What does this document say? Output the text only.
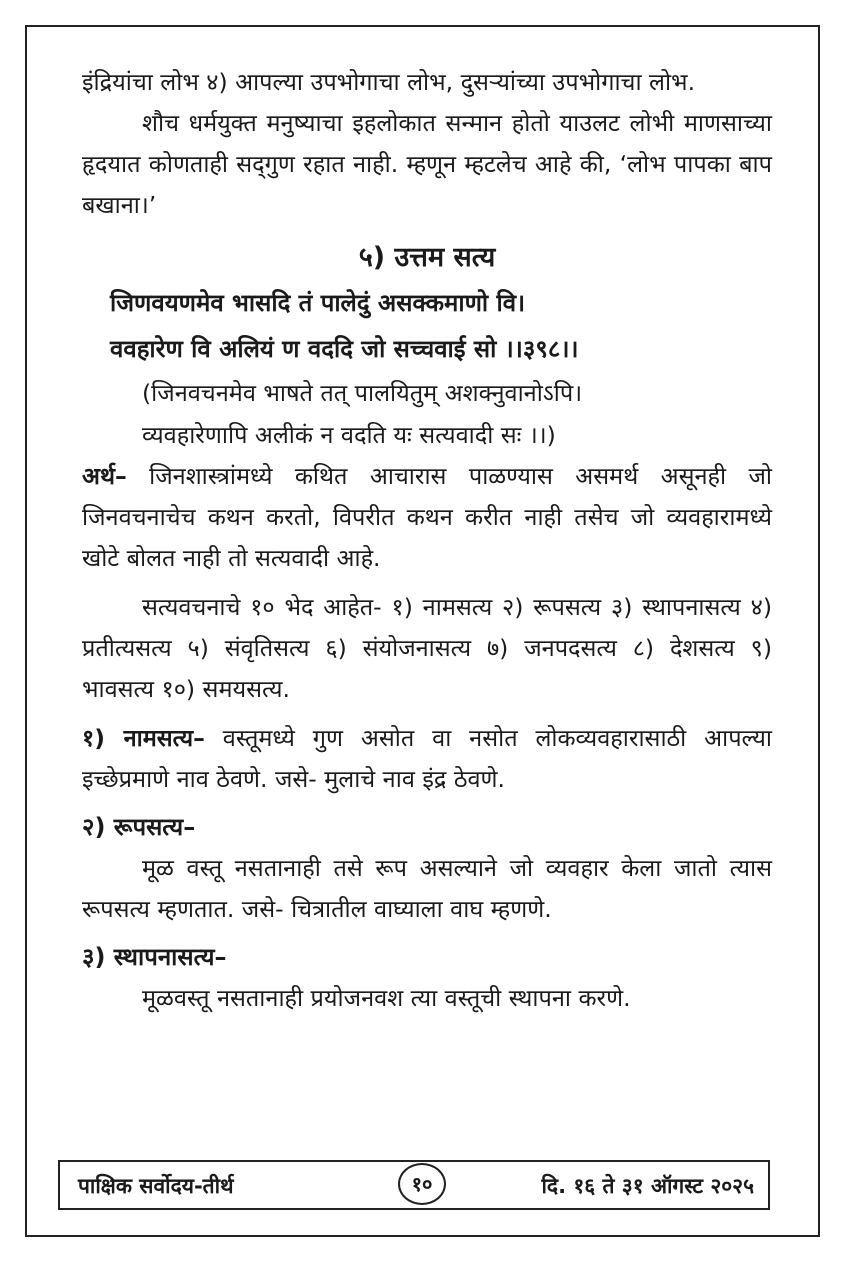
इंद्रियांचा लोभ ४) आपल्या उपभोगाचा लोभ, दुसऱ्यांच्या उपभोगाचा लोभ.

शौच धर्मयुक्त मनुष्याचा इहलोकात सन्मान होतो याउलट लोभी माणसाच्या हृदयात कोणताही सद्‌गुण रहात नाही. म्हणून म्हटलेच आहे की, ‘लोभ पापका बाप बखाना।’

५) उत्तम सत्य
जिणवयणमेव भासदि तं पालेदुं असक्कमाणो वि।
ववहारेण वि अलियं ण वददि जो सच्चवाई सो ।।३९८।।
(जिनवचनमेव भाषते तत् पालयितुम् अशक्नुवानोऽपि।
व्यवहारेणापि अलीकं न वदति यः सत्यवादी सः ।।)

अर्थ– जिनशास्त्रांमध्ये कथित आचारास पाळण्यास असमर्थ असूनही जो जिनवचनाचेच कथन करतो, विपरीत कथन करीत नाही तसेच जो व्यवहारामध्ये खोटे बोलत नाही तो सत्यवादी आहे.

सत्यवचनाचे १० भेद आहेत- १) नामसत्य २) रूपसत्य ३) स्थापनासत्य ४) प्रतीत्यसत्य ५) संवृतिसत्य ६) संयोजनासत्य ७) जनपदसत्य ८) देशसत्य ९) भावसत्य १०) समयसत्य.

१) नामसत्य– वस्तूमध्ये गुण असोत वा नसोत लोकव्यवहारासाठी आपल्या इच्छेप्रमाणे नाव ठेवणे. जसे- मुलाचे नाव इंद्र ठेवणे.

२) रूपसत्य–

मूळ वस्तू नसतानाही तसे रूप असल्याने जो व्यवहार केला जातो त्यास रूपसत्य म्हणतात. जसे- चित्रातील वाघ्याला वाघ म्हणणे.

३) स्थापनासत्य–

मूळवस्तू नसतानाही प्रयोजनवश त्या वस्तूची स्थापना करणे.

पाक्षिक सर्वोदय-तीर्थ	१०	दि. १६ ते ३१ ऑगस्ट २०२५
